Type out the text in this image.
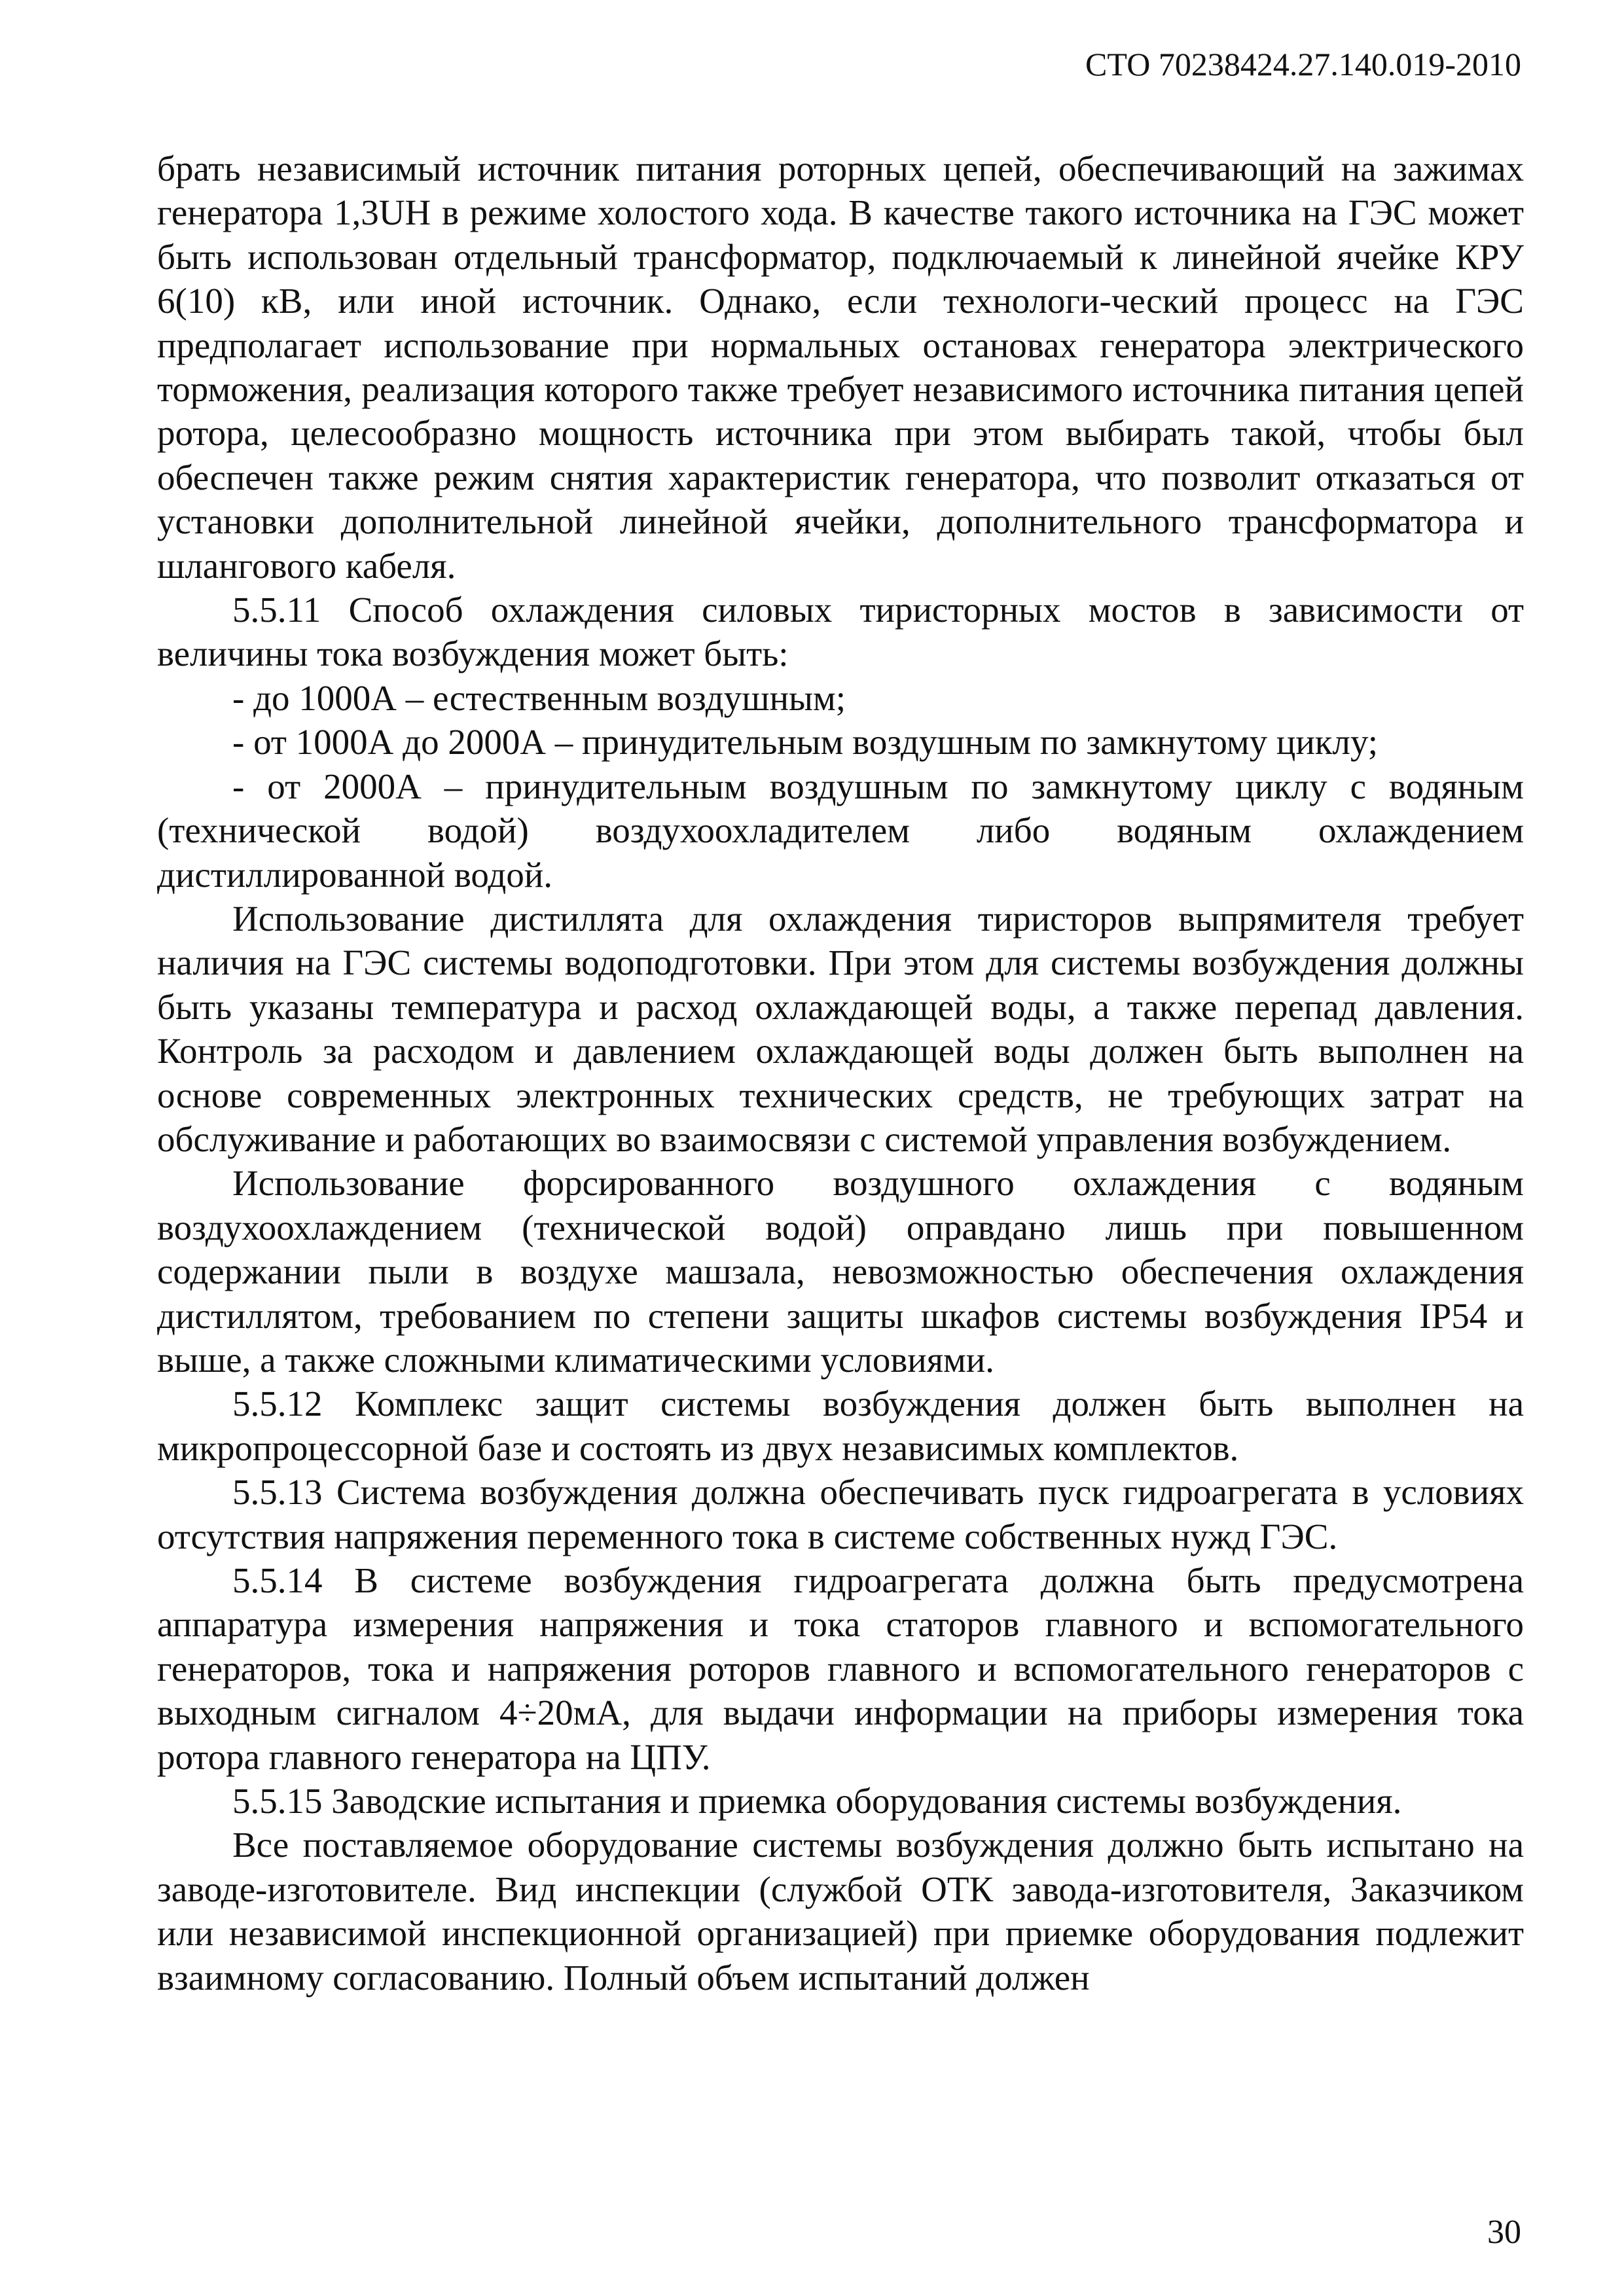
СТО 70238424.27.140.019-2010

брать независимый источник питания роторных цепей, обеспечивающий на зажимах генератора 1,3UН в режиме холостого хода. В качестве такого источника на ГЭС может быть использован отдельный трансформатор, подключаемый к линейной ячейке КРУ 6(10) кВ, или иной источник. Однако, если технологи-ческий процесс на ГЭС предполагает использование при нормальных остановах генератора электрического торможения, реализация которого также требует независимого источника питания цепей ротора, целесообразно мощность источника при этом выбирать такой, чтобы был обеспечен также режим снятия характеристик генератора, что позволит отказаться от установки дополнительной линейной ячейки, дополнительного трансформатора и шлангового кабеля.

5.5.11 Способ охлаждения силовых тиристорных мостов в зависимости от величины тока возбуждения может быть:

- до 1000А – естественным воздушным;

- от 1000А до 2000А – принудительным воздушным по замкнутому циклу;

- от 2000А – принудительным воздушным по замкнутому циклу с водяным (технической водой) воздухоохладителем либо водяным охлаждением дистиллированной водой.

Использование дистиллята для охлаждения тиристоров выпрямителя требует наличия на ГЭС системы водоподготовки. При этом для системы возбуждения должны быть указаны температура и расход охлаждающей воды, а также перепад давления. Контроль за расходом и давлением охлаждающей воды должен быть выполнен на основе современных электронных технических средств, не требующих затрат на обслуживание и работающих во взаимосвязи с системой управления возбуждением.

Использование форсированного воздушного охлаждения с водяным воздухоохлаждением (технической водой) оправдано лишь при повышенном содержании пыли в воздухе машзала, невозможностью обеспечения охлаждения дистиллятом, требованием по степени защиты шкафов системы возбуждения IP54 и выше, а также сложными климатическими условиями.

5.5.12 Комплекс защит системы возбуждения должен быть выполнен на микропроцессорной базе и состоять из двух независимых комплектов.

5.5.13 Система возбуждения должна обеспечивать пуск гидроагрегата в условиях отсутствия напряжения переменного тока в системе собственных нужд ГЭС.

5.5.14 В системе возбуждения гидроагрегата должна быть предусмотрена аппаратура измерения напряжения и тока статоров главного и вспомогательного генераторов, тока и напряжения роторов главного и вспомогательного генераторов с выходным сигналом 4÷20мА, для выдачи информации на приборы измерения тока ротора главного генератора на ЦПУ.

5.5.15 Заводские испытания и приемка оборудования системы возбуждения.

Все поставляемое оборудование системы возбуждения должно быть испытано на заводе-изготовителе. Вид инспекции (службой ОТК завода-изготовителя, Заказчиком или независимой инспекционной организацией) при приемке оборудования подлежит взаимному согласованию. Полный объем испытаний должен

30
